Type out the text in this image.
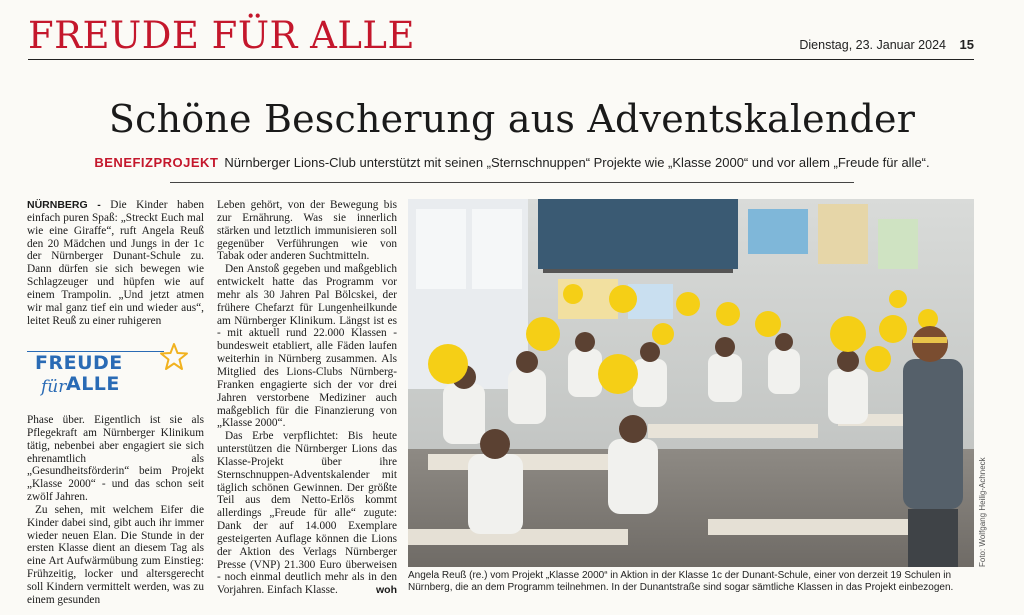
FREUDE FÜR ALLE	Dienstag, 23. Januar 2024 15
Schöne Bescherung aus Adventskalender
BENEFIZPROJEKT Nürnberger Lions-Club unterstützt mit seinen „Sternschnuppen“ Projekte wie „Klasse 2000“ und vor allem „Freude für alle“.

NÜRNBERG - Die Kinder haben einfach puren Spaß: „Streckt Euch mal wie eine Giraffe“, ruft Angela Reuß den 20 Mädchen und Jungs in der 1c der Nürnberger Dunant-Schule zu. Dann dürfen sie sich bewegen wie Schlagzeuger und hüpfen wie auf einem Trampolin. „Und jetzt atmen wir mal ganz tief ein und wieder aus“, leitet Reuß zu einer ruhigeren

FREUDE
für ALLE

Phase über. Eigentlich ist sie als Pflegekraft am Nürnberger Klinikum tätig, nebenbei aber engagiert sie sich ehrenamtlich als „Gesundheitsförderin“ beim Projekt „Klasse 2000“ - und das schon seit zwölf Jahren.

Zu sehen, mit welchem Eifer die Kinder dabei sind, gibt auch ihr immer wieder neuen Elan. Die Stunde in der ersten Klasse dient an diesem Tag als eine Art Aufwärmübung zum Einstieg: Frühzeitig, locker und altersgerecht soll Kindern vermittelt werden, was zu einem gesunden

Leben gehört, von der Bewegung bis zur Ernährung. Was sie innerlich stärken und letztlich immunisieren soll gegenüber Verführungen wie von Tabak oder anderen Suchtmitteln.

Den Anstoß gegeben und maßgeblich entwickelt hatte das Programm vor mehr als 30 Jahren Pal Bölcskei, der frühere Chefarzt für Lungenheilkunde am Nürnberger Klinikum. Längst ist es - mit aktuell rund 22.000 Klassen - bundesweit etabliert, alle Fäden laufen weiterhin in Nürnberg zusammen. Als Mitglied des Lions-Clubs Nürnberg-Franken engagierte sich der vor drei Jahren verstorbene Mediziner auch maßgeblich für die Finanzierung von „Klasse 2000“.

Das Erbe verpflichtet: Bis heute unterstützen die Nürnberger Lions das Klasse-Projekt über ihre Sternschnuppen-Adventskalender mit täglich schönen Gewinnen. Der größte Teil aus dem Netto-Erlös kommt allerdings „Freude für alle“ zugute: Dank der auf 14.000 Exemplare gesteigerten Auflage können die Lions der Aktion des Verlags Nürnberger Presse (VNP) 21.300 Euro überweisen - noch einmal deutlich mehr als in den Vorjahren. Einfach Klasse.	woh

Foto: Wolfgang Heilig-Achneck
Angela Reuß (re.) vom Projekt „Klasse 2000“ in Aktion in der Klasse 1c der Dunant-Schule, einer von derzeit 19 Schulen in Nürnberg, die an dem Programm teilnehmen. In der Dunantstraße sind sogar sämtliche Klassen in das Projekt einbezogen.
